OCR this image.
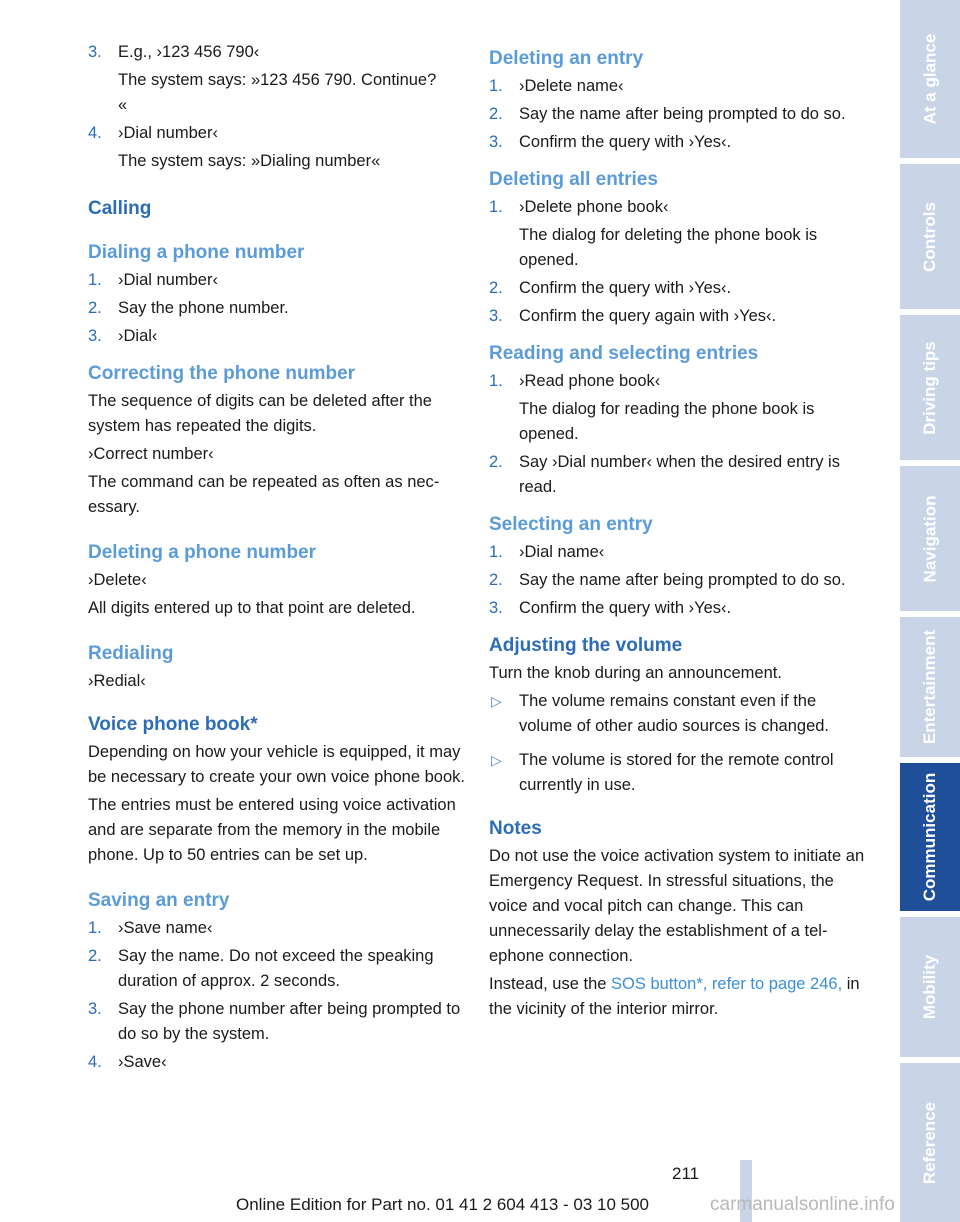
3. E.g., ›123 456 790‹

The system says: »123 456 790. Continue?

«

4. ›Dial number‹

The system says: »Dialing number«

Calling
Dialing a phone number
1. ›Dial number‹
2. Say the phone number.
3. ›Dial‹
Correcting the phone number

The sequence of digits can be deleted after the system has repeated the digits.

›Correct number‹

The command can be repeated as often as necessary.

Deleting a phone number

›Delete‹

All digits entered up to that point are deleted.

Redialing

›Redial‹

Voice phone book*

Depending on how your vehicle is equipped, it may be necessary to create your own voice phone book.

The entries must be entered using voice activation and are separate from the memory in the mobile phone. Up to 50 entries can be set up.

Saving an entry
1. ›Save name‹
2. Say the name. Do not exceed the speaking duration of approx. 2 seconds.
3. Say the phone number after being prompted to do so by the system.
4. ›Save‹
Deleting an entry
1. ›Delete name‹
2. Say the name after being prompted to do so.
3. Confirm the query with ›Yes‹.
Deleting all entries
1. ›Delete phone book‹

The dialog for deleting the phone book is opened.

2. Confirm the query with ›Yes‹.
3. Confirm the query again with ›Yes‹.
Reading and selecting entries
1. ›Read phone book‹

The dialog for reading the phone book is opened.

2. Say ›Dial number‹ when the desired entry is read.
Selecting an entry
1. ›Dial name‹
2. Say the name after being prompted to do so.
3. Confirm the query with ›Yes‹.
Adjusting the volume

Turn the knob during an announcement.

▷ The volume remains constant even if the volume of other audio sources is changed.
▷ The volume is stored for the remote control currently in use.
Notes

Do not use the voice activation system to initiate an Emergency Request. In stressful situations, the voice and vocal pitch can change. This can unnecessarily delay the establishment of a telephone connection.

Instead, use the SOS button*, refer to page 246, in the vicinity of the interior mirror.

At a glance
Controls
Driving tips
Navigation
Entertainment
Communication
Mobility
Reference
211
Online Edition for Part no. 01 41 2 604 413 - 03 10 500	carmanualsonline.info
